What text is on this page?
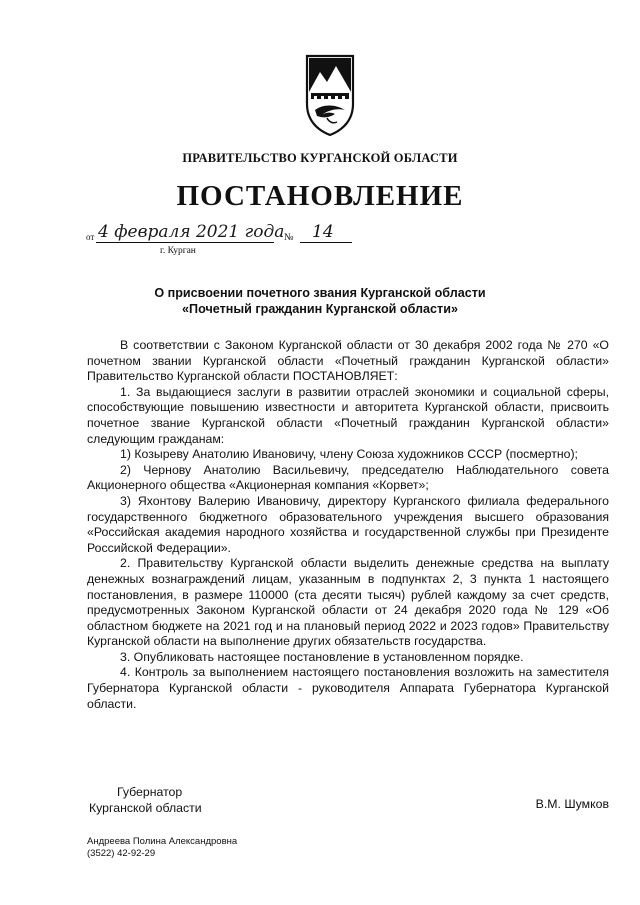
ПРАВИТЕЛЬСТВО КУРГАНСКОЙ ОБЛАСТИ
ПОСТАНОВЛЕНИЕ
от 4 февраля 2021 года № 14
г. Курган
О присвоении почетного звания Курганской области
«Почетный гражданин Курганской области»

В соответствии с Законом Курганской области от 30 декабря 2002 года № 270 «О почетном звании Курганской области «Почетный гражданин Курганской области» Правительство Курганской области ПОСТАНОВЛЯЕТ:

1. За выдающиеся заслуги в развитии отраслей экономики и социальной сферы, способствующие повышению известности и авторитета Курганской области, присвоить почетное звание Курганской области «Почетный гражданин Курганской области» следующим гражданам:

1) Козыреву Анатолию Ивановичу, члену Союза художников СССР (посмертно);

2) Чернову Анатолию Васильевичу, председателю Наблюдательного совета Акционерного общества «Акционерная компания «Корвет»;

3) Яхонтову Валерию Ивановичу, директору Курганского филиала федерального государственного бюджетного образовательного учреждения высшего образования «Российская академия народного хозяйства и государственной службы при Президенте Российской Федерации».

2. Правительству Курганской области выделить денежные средства на выплату денежных вознаграждений лицам, указанным в подпунктах 2, 3 пункта 1 настоящего постановления, в размере 110000 (ста десяти тысяч) рублей каждому за счет средств, предусмотренных Законом Курганской области от 24 декабря 2020 года № 129 «Об областном бюджете на 2021 год и на плановый период 2022 и 2023 годов» Правительству Курганской области на выполнение других обязательств государства.

3. Опубликовать настоящее постановление в установленном порядке.

4. Контроль за выполнением настоящего постановления возложить на заместителя Губернатора Курганской области - руководителя Аппарата Губернатора Курганской области.

Губернатор
Курганской области	В.М. Шумков
Андреева Полина Александровна
(3522) 42-92-29
